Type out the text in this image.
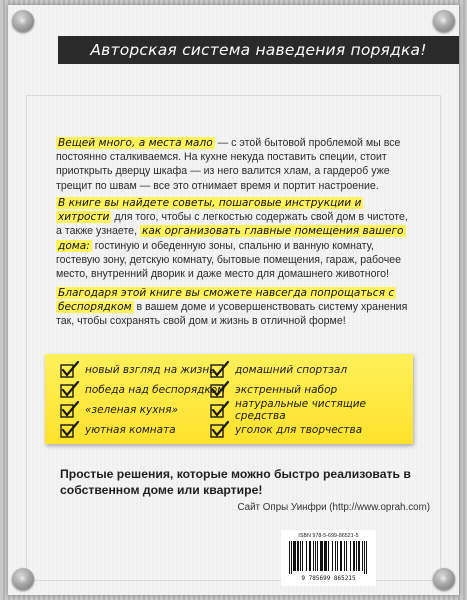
Авторская система наведения порядка!
Вещей много, а места мало — с этой бытовой проблемой мы все постоянно сталкиваемся. На кухне некуда поставить специи, стоит приоткрыть дверцу шкафа — из него валится хлам, а гардероб уже трещит по швам — все это отнимает время и портит настроение.
В книге вы найдете советы, пошаговые инструкции и хитрости для того, чтобы с легкостью содержать свой дом в чистоте, а также узнаете, как организовать главные помещения вашего дома: гостиную и обеденную зоны, спальню и ванную комнату, гостевую зону, детскую комнату, бытовые помещения, гараж, рабочее место, внутренний дворик и даже место для домашнего животного!
Благодаря этой книге вы сможете навсегда попрощаться с беспорядком в вашем доме и усовершенствовать систему хранения так, чтобы сохранять свой дом и жизнь в отличной форме!
новый взгляд на жизнь
победа над беспорядком
«зеленая кухня»
уютная комната
домашний спортзал
экстренный набор
натуральные чистящие средства
уголок для творчества
Простые решения, которые можно быстро реализовать в собственном доме или квартире!
Сайт Опры Уинфри (http://www.oprah.com)
ISBN 978-5-699-86521-5
9 785699 865215
